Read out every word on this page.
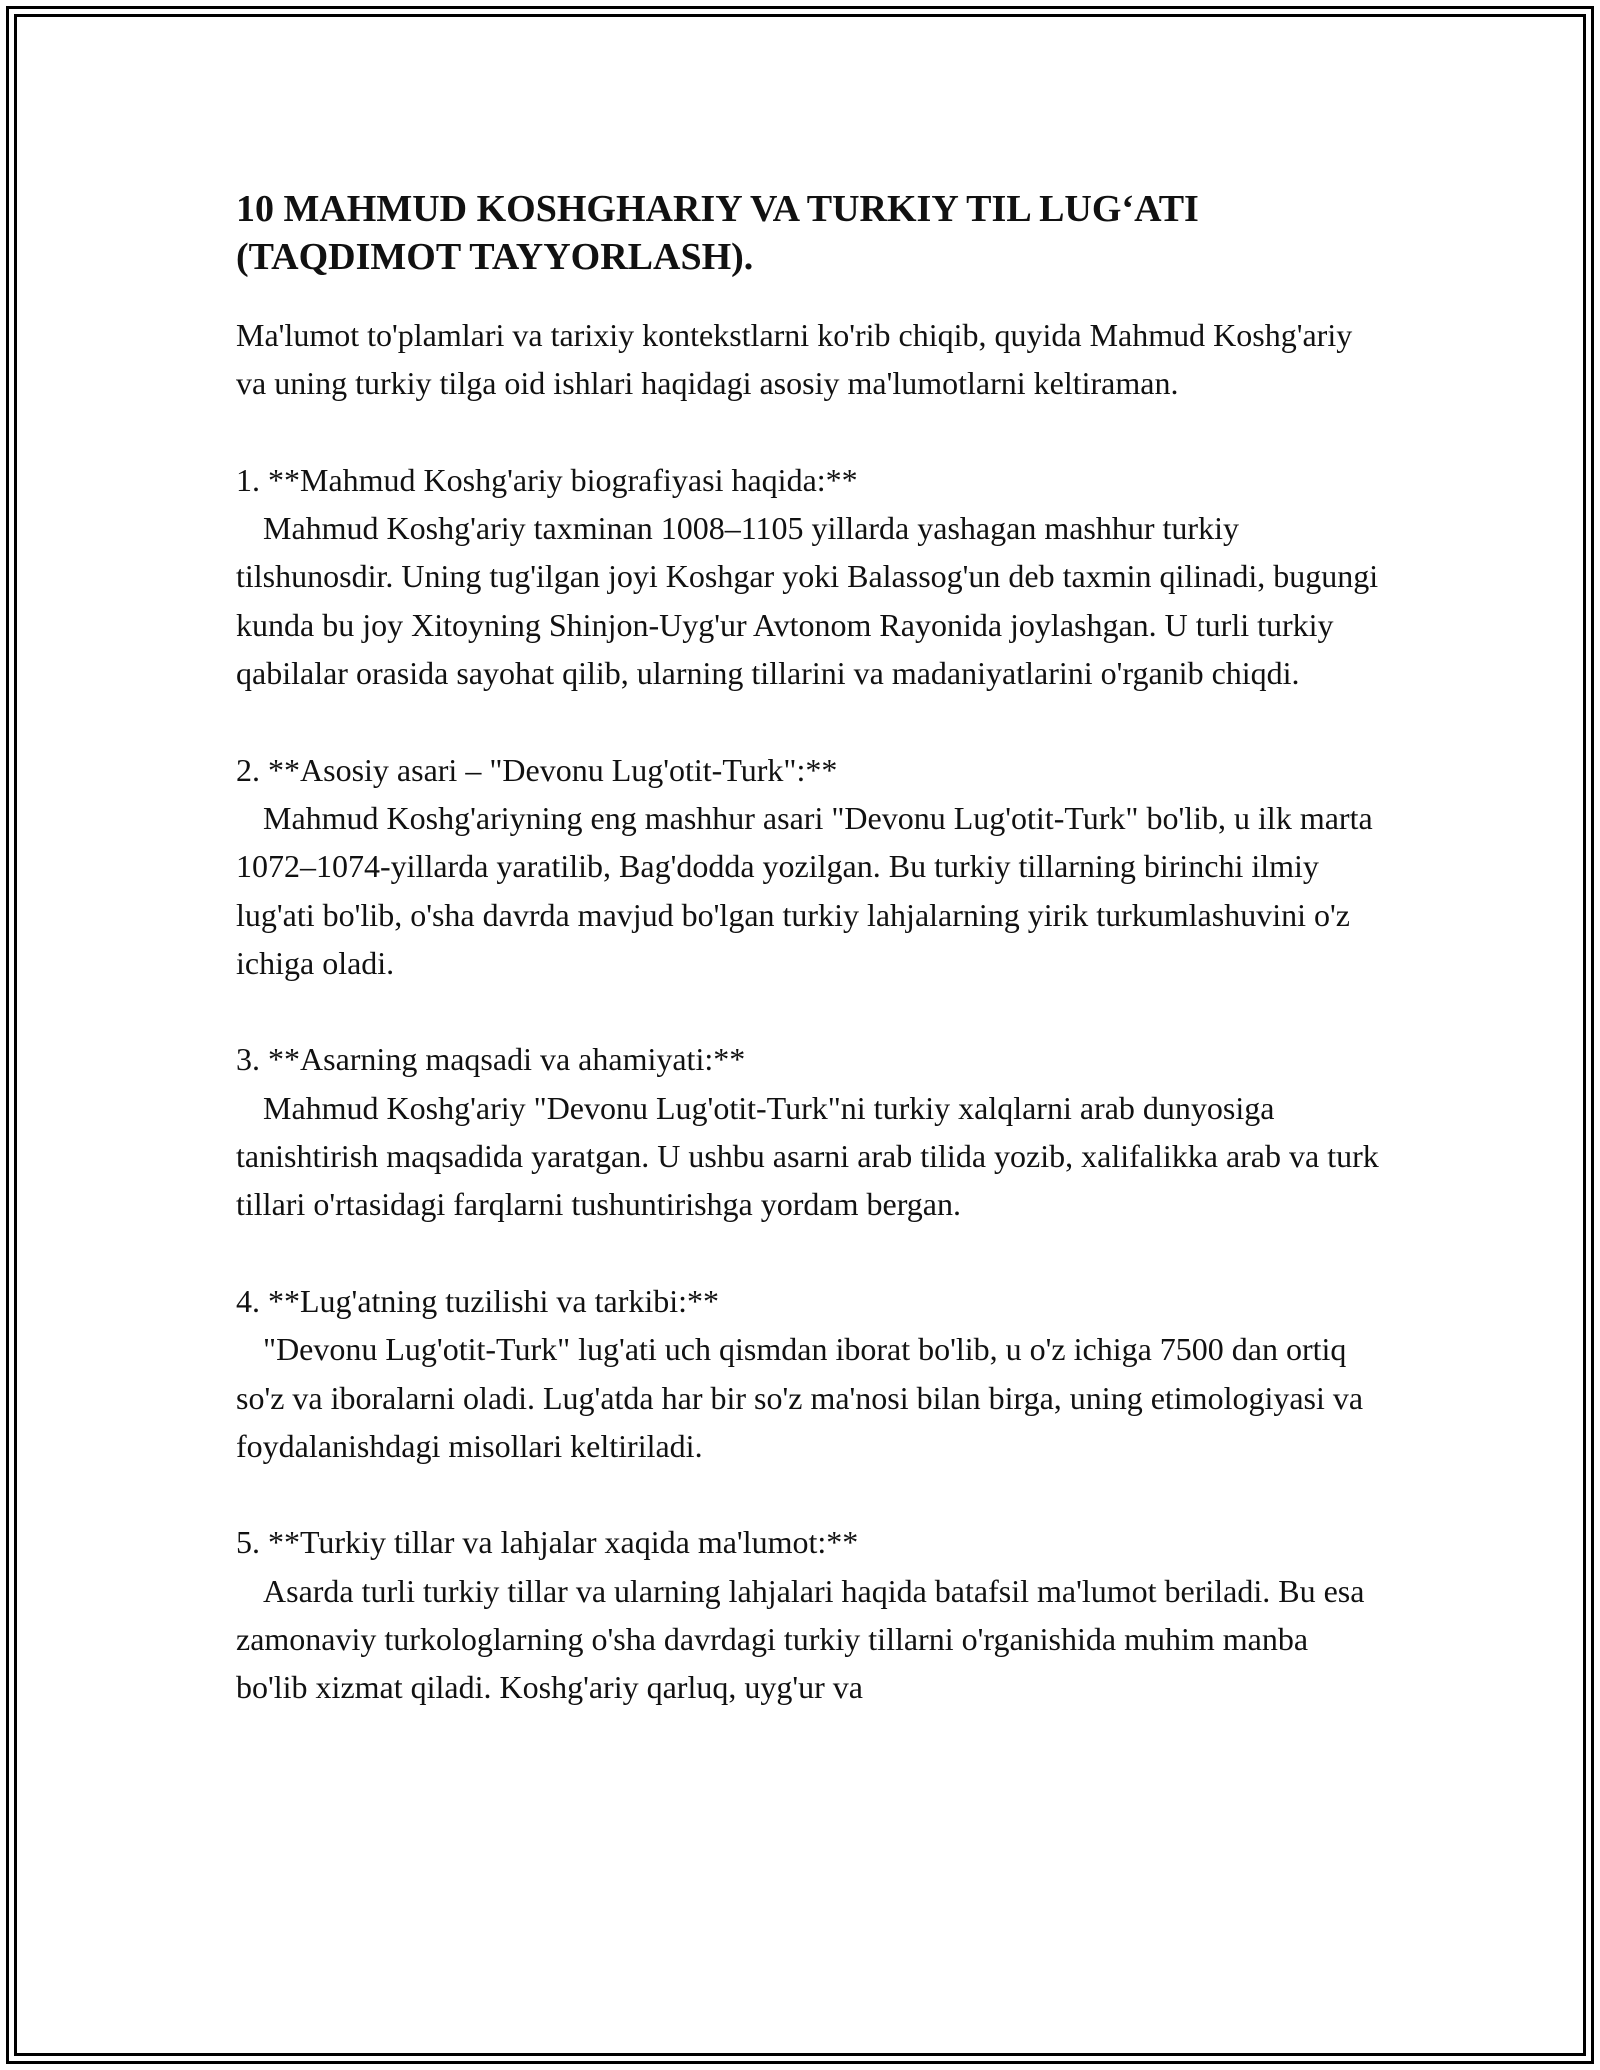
10 MAHMUD KOSHGHARIY VA TURKIY TIL LUG‘ATI
(TAQDIMOT TAYYORLASH).

Ma'lumot to'plamlari va tarixiy kontekstlarni ko'rib chiqib, quyida Mahmud Koshg'ariy va uning turkiy tilga oid ishlari haqidagi asosiy ma'lumotlarni keltiraman.

1. **Mahmud Koshg'ariy biografiyasi haqida:**

Mahmud Koshg'ariy taxminan 1008–1105 yillarda yashagan mashhur turkiy tilshunosdir. Uning tug'ilgan joyi Koshgar yoki Balassog'un deb taxmin qilinadi, bugungi kunda bu joy Xitoyning Shinjon-Uyg'ur Avtonom Rayonida joylashgan. U turli turkiy qabilalar orasida sayohat qilib, ularning tillarini va madaniyatlarini o'rganib chiqdi.

2. **Asosiy asari – "Devonu Lug'otit-Turk":**

Mahmud Koshg'ariyning eng mashhur asari "Devonu Lug'otit-Turk" bo'lib, u ilk marta 1072–1074-yillarda yaratilib, Bag'dodda yozilgan. Bu turkiy tillarning birinchi ilmiy lug'ati bo'lib, o'sha davrda mavjud bo'lgan turkiy lahjalarning yirik turkumlashuvini o'z ichiga oladi.

3. **Asarning maqsadi va ahamiyati:**

Mahmud Koshg'ariy "Devonu Lug'otit-Turk"ni turkiy xalqlarni arab dunyosiga tanishtirish maqsadida yaratgan. U ushbu asarni arab tilida yozib, xalifalikka arab va turk tillari o'rtasidagi farqlarni tushuntirishga yordam bergan.

4. **Lug'atning tuzilishi va tarkibi:**

"Devonu Lug'otit-Turk" lug'ati uch qismdan iborat bo'lib, u o'z ichiga 7500 dan ortiq so'z va iboralarni oladi. Lug'atda har bir so'z ma'nosi bilan birga, uning etimologiyasi va foydalanishdagi misollari keltiriladi.

5. **Turkiy tillar va lahjalar xaqida ma'lumot:**

Asarda turli turkiy tillar va ularning lahjalari haqida batafsil ma'lumot beriladi. Bu esa zamonaviy turkologlarning o'sha davrdagi turkiy tillarni o'rganishida muhim manba bo'lib xizmat qiladi. Koshg'ariy qarluq, uyg'ur va
